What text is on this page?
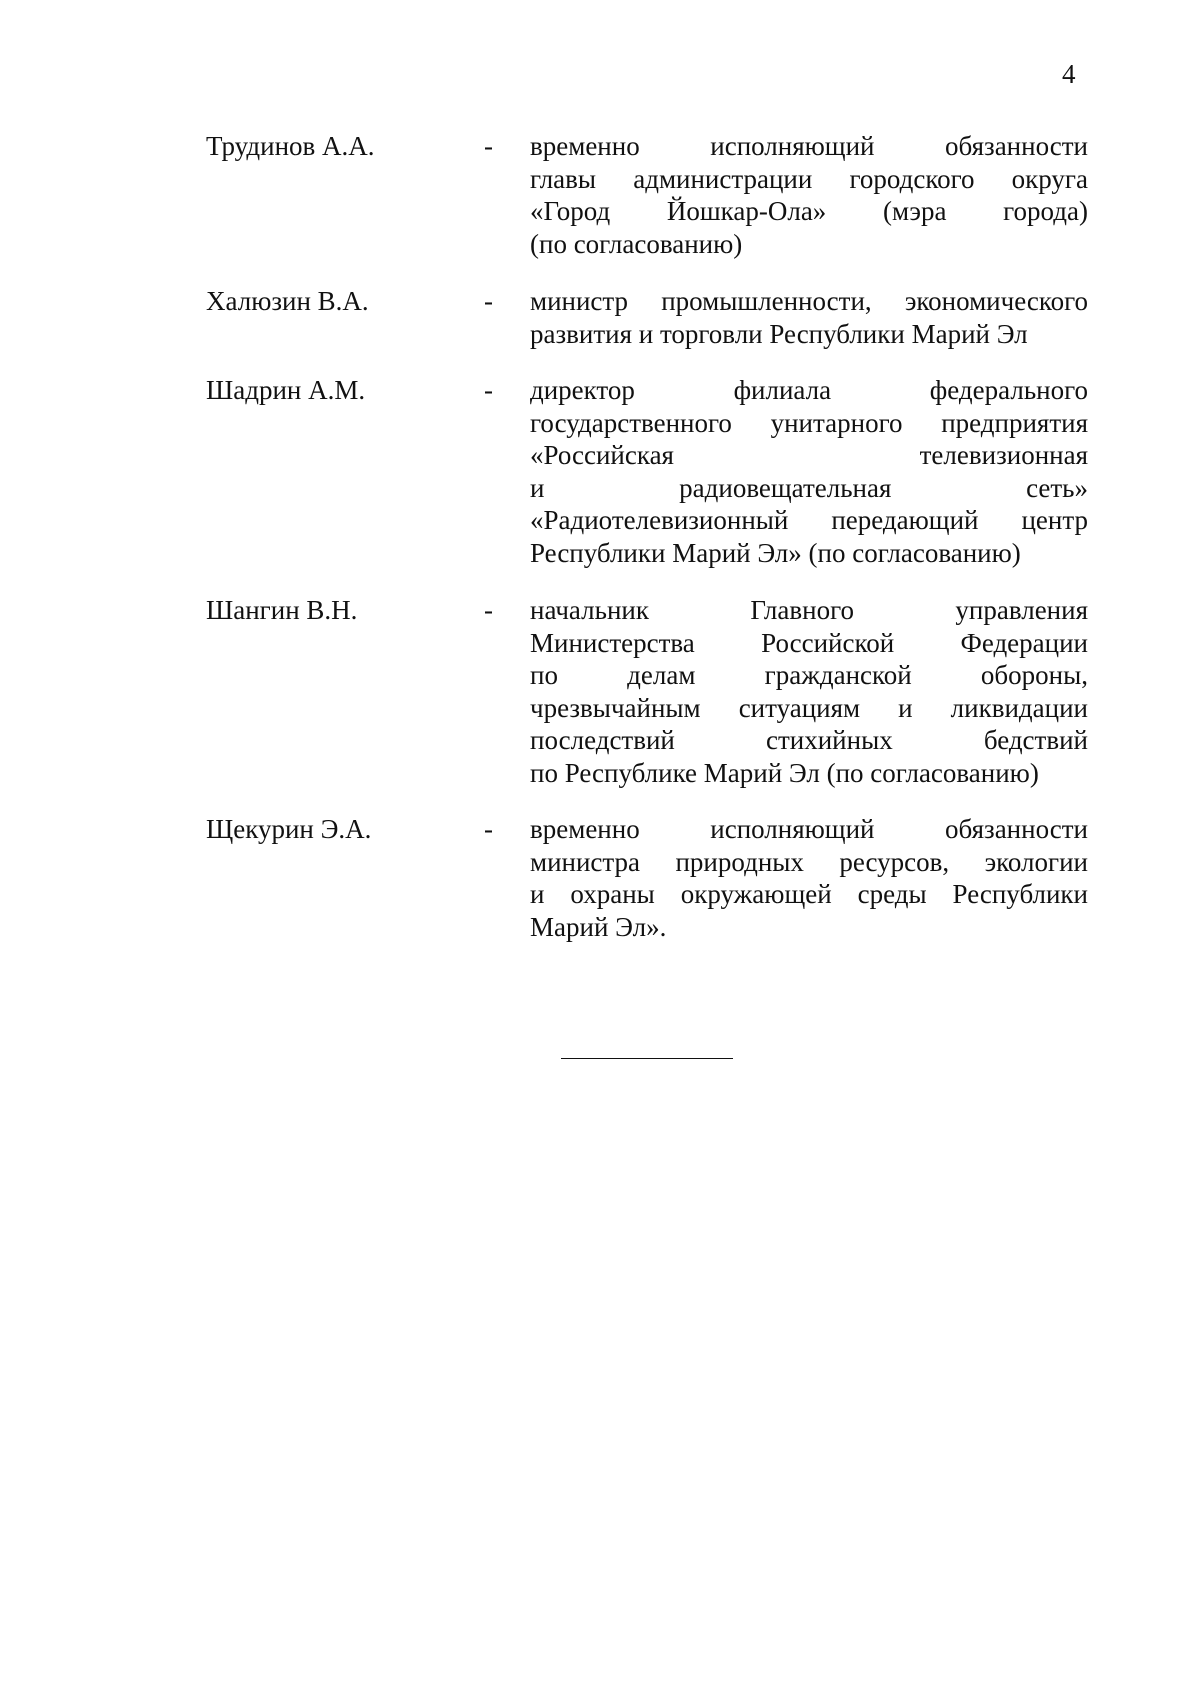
4
Трудинов А.А.	- временно исполняющий обязанности
главы администрации городского округа
«Город Йошкар-Ола» (мэра города)
(по согласованию)
Халюзин В.А.	- министр промышленности, экономического
развития и торговли Республики Марий Эл
Шадрин А.М.	- директор филиала федерального
государственного унитарного предприятия
«Российская телевизионная
и радиовещательная сеть»
«Радиотелевизионный передающий центр
Республики Марий Эл» (по согласованию)
Шангин В.Н.	- начальник Главного управления
Министерства Российской Федерации
по делам гражданской обороны,
чрезвычайным ситуациям и ликвидации
последствий стихийных бедствий
по Республике Марий Эл (по согласованию)
Щекурин Э.А.	- временно исполняющий обязанности
министра природных ресурсов, экологии
и охраны окружающей среды Республики
Марий Эл».
